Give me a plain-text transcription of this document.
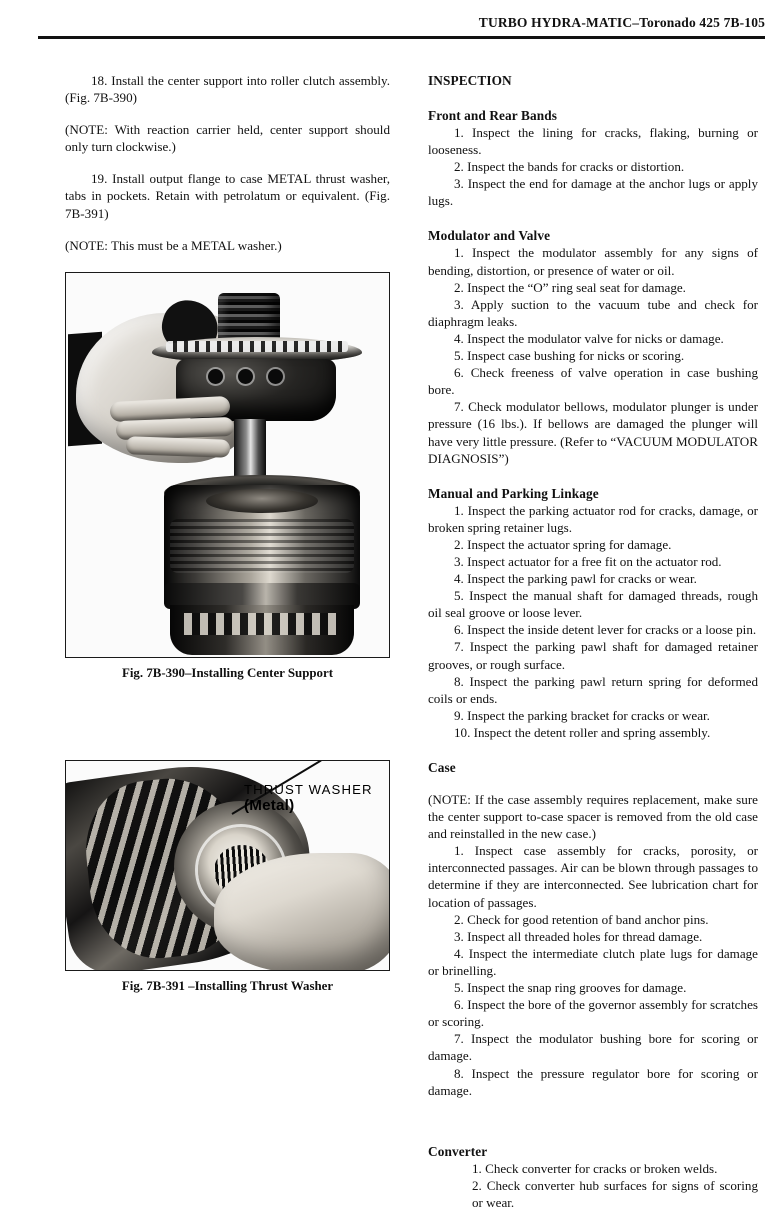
TURBO HYDRA-MATIC–Toronado 425 7B-105

18. Install the center support into roller clutch assembly. (Fig. 7B-390)

(NOTE: With reaction carrier held, center support should only turn clockwise.)

19. Install output flange to case METAL thrust washer, tabs in pockets. Retain with petrolatum or equivalent. (Fig. 7B-391)

(NOTE: This must be a METAL washer.)

Fig. 7B-390–Installing Center Support
THRUST WASHER
(Metal)
Fig. 7B-391 –Installing Thrust Washer
INSPECTION
Front and Rear Bands

1. Inspect the lining for cracks, flaking, burning or looseness.

2. Inspect the bands for cracks or distortion.

3. Inspect the end for damage at the anchor lugs or apply lugs.

Modulator and Valve

1. Inspect the modulator assembly for any signs of bending, distortion, or presence of water or oil.

2. Inspect the “O” ring seal seat for damage.

3. Apply suction to the vacuum tube and check for diaphragm leaks.

4. Inspect the modulator valve for nicks or damage.

5. Inspect case bushing for nicks or scoring.

6. Check freeness of valve operation in case bushing bore.

7. Check modulator bellows, modulator plunger is under pressure (16 lbs.). If bellows are damaged the plunger will have very little pressure. (Refer to “VACUUM MODULATOR DIAGNOSIS”)

Manual and Parking Linkage

1. Inspect the parking actuator rod for cracks, damage, or broken spring retainer lugs.

2. Inspect the actuator spring for damage.

3. Inspect actuator for a free fit on the actuator rod.

4. Inspect the parking pawl for cracks or wear.

5. Inspect the manual shaft for damaged threads, rough oil seal groove or loose lever.

6. Inspect the inside detent lever for cracks or a loose pin.

7. Inspect the parking pawl shaft for damaged retainer grooves, or rough surface.

8. Inspect the parking pawl return spring for deformed coils or ends.

9. Inspect the parking bracket for cracks or wear.

10. Inspect the detent roller and spring assembly.

Case

(NOTE: If the case assembly requires replacement, make sure the center support to-case spacer is removed from the old case and reinstalled in the new case.)

1. Inspect case assembly for cracks, porosity, or interconnected passages. Air can be blown through passages to determine if they are interconnected. See lubrication chart for location of passages.

2. Check for good retention of band anchor pins.

3. Inspect all threaded holes for thread damage.

4. Inspect the intermediate clutch plate lugs for damage or brinelling.

5. Inspect the snap ring grooves for damage.

6. Inspect the bore of the governor assembly for scratches or scoring.

7. Inspect the modulator bushing bore for scoring or damage.

8. Inspect the pressure regulator bore for scoring or damage.

Converter

1. Check converter for cracks or broken welds.

2. Check converter hub surfaces for signs of scoring or wear.
